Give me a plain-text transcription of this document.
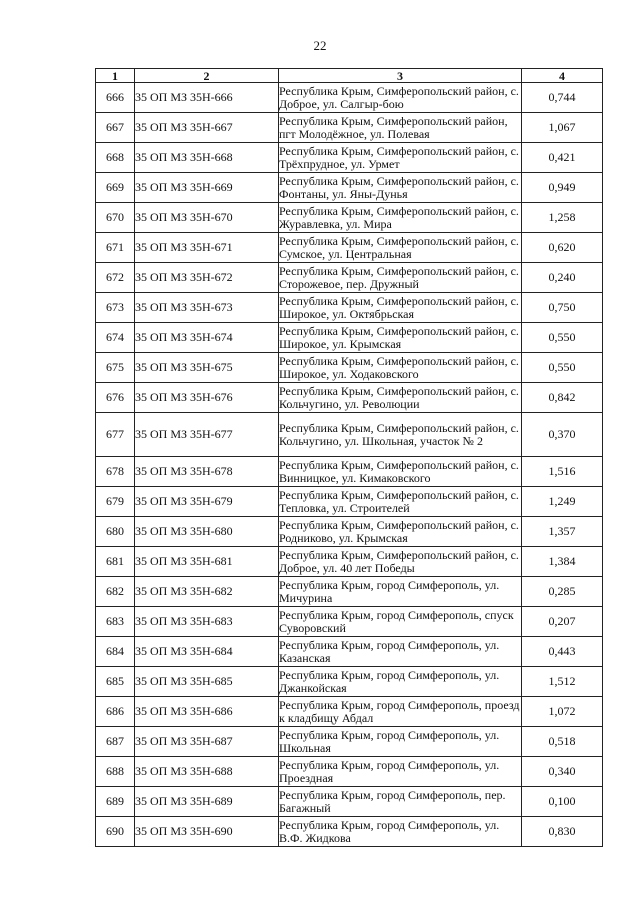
22
1	2	3	4
666	35 ОП МЗ 35Н-666	Республика Крым, Симферопольский район, с. Доброе, ул. Салгыр-бою	0,744
667	35 ОП МЗ 35Н-667	Республика Крым, Симферопольский район, пгт Молодёжное, ул. Полевая	1,067
668	35 ОП МЗ 35Н-668	Республика Крым, Симферопольский район, с. Трёхпрудное, ул. Урмет	0,421
669	35 ОП МЗ 35Н-669	Республика Крым, Симферопольский район, с. Фонтаны, ул. Яны-Дунья	0,949
670	35 ОП МЗ 35Н-670	Республика Крым, Симферопольский район, с. Журавлевка, ул. Мира	1,258
671	35 ОП МЗ 35Н-671	Республика Крым, Симферопольский район, с. Сумское, ул. Центральная	0,620
672	35 ОП МЗ 35Н-672	Республика Крым, Симферопольский район, с. Сторожевое, пер. Дружный	0,240
673	35 ОП МЗ 35Н-673	Республика Крым, Симферопольский район, с. Широкое, ул. Октябрьская	0,750
674	35 ОП МЗ 35Н-674	Республика Крым, Симферопольский район, с. Широкое, ул. Крымская	0,550
675	35 ОП МЗ 35Н-675	Республика Крым, Симферопольский район, с. Широкое, ул. Ходаковского	0,550
676	35 ОП МЗ 35Н-676	Республика Крым, Симферопольский район, с. Кольчугино, ул. Революции	0,842
677	35 ОП МЗ 35Н-677	Республика Крым, Симферопольский район, с. Кольчугино, ул. Школьная, участок № 2	0,370
678	35 ОП МЗ 35Н-678	Республика Крым, Симферопольский район, с. Винницкое, ул. Кимаковского	1,516
679	35 ОП МЗ 35Н-679	Республика Крым, Симферопольский район, с. Тепловка, ул. Строителей	1,249
680	35 ОП МЗ 35Н-680	Республика Крым, Симферопольский район, с. Родниково, ул. Крымская	1,357
681	35 ОП МЗ 35Н-681	Республика Крым, Симферопольский район, с. Доброе, ул. 40 лет Победы	1,384
682	35 ОП МЗ 35Н-682	Республика Крым, город Симферополь, ул. Мичурина	0,285
683	35 ОП МЗ 35Н-683	Республика Крым, город Симферополь, спуск Суворовский	0,207
684	35 ОП МЗ 35Н-684	Республика Крым, город Симферополь, ул. Казанская	0,443
685	35 ОП МЗ 35Н-685	Республика Крым, город Симферополь, ул. Джанкойская	1,512
686	35 ОП МЗ 35Н-686	Республика Крым, город Симферополь, проезд к кладбищу Абдал	1,072
687	35 ОП МЗ 35Н-687	Республика Крым, город Симферополь, ул. Школьная	0,518
688	35 ОП МЗ 35Н-688	Республика Крым, город Симферополь, ул. Проездная	0,340
689	35 ОП МЗ 35Н-689	Республика Крым, город Симферополь, пер. Багажный	0,100
690	35 ОП МЗ 35Н-690	Республика Крым, город Симферополь, ул. В.Ф. Жидкова	0,830
